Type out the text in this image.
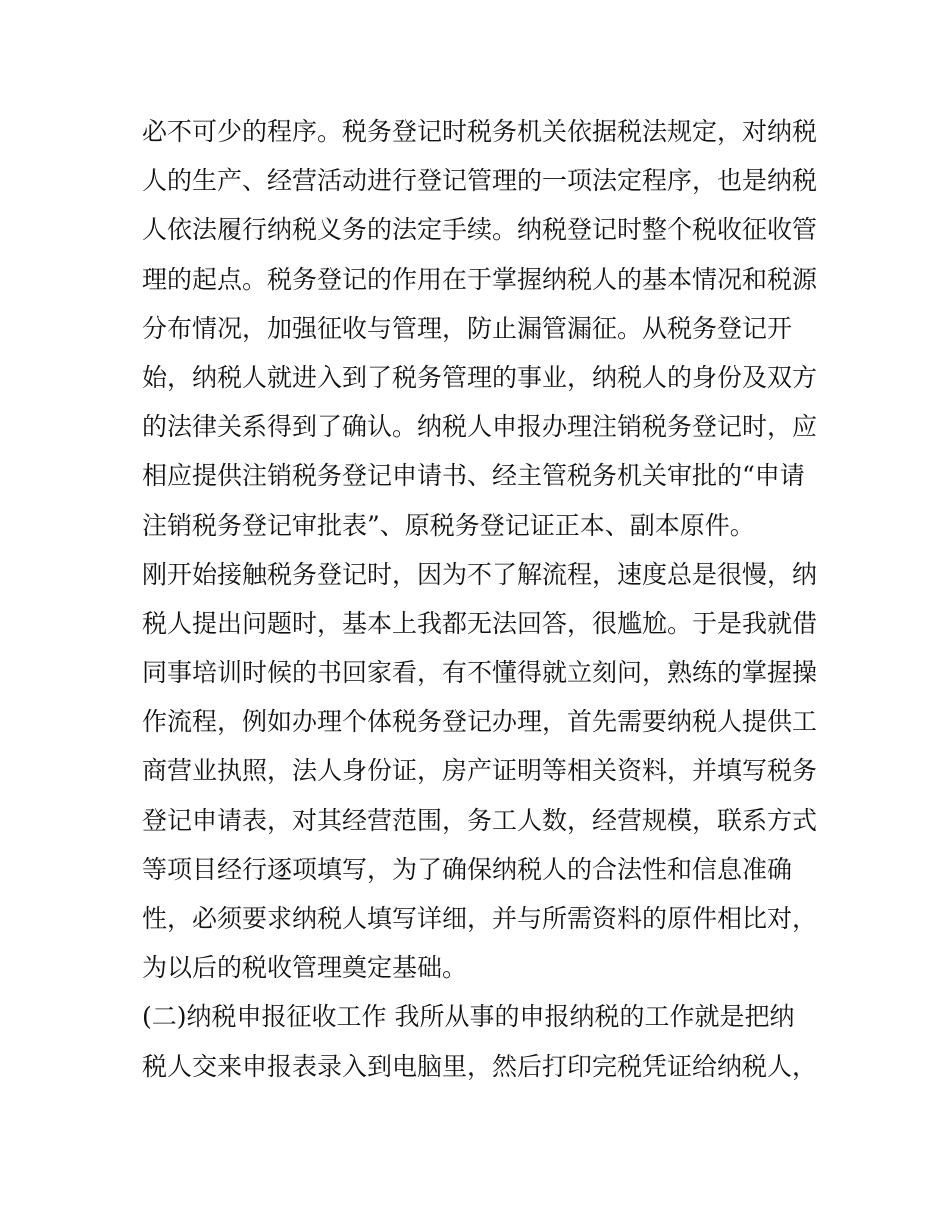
必不可少的程序。税务登记时税务机关依据税法规定，对纳税
人的生产、经营活动进行登记管理的一项法定程序，也是纳税
人依法履行纳税义务的法定手续。纳税登记时整个税收征收管
理的起点。税务登记的作用在于掌握纳税人的基本情况和税源
分布情况，加强征收与管理，防止漏管漏征。从税务登记开
始，纳税人就进入到了税务管理的事业，纳税人的身份及双方
的法律关系得到了确认。纳税人申报办理注销税务登记时，应
相应提供注销税务登记申请书、经主管税务机关审批的“申请
注销税务登记审批表”、原税务登记证正本、副本原件。
刚开始接触税务登记时，因为不了解流程，速度总是很慢，纳
税人提出问题时，基本上我都无法回答，很尴尬。于是我就借
同事培训时候的书回家看，有不懂得就立刻问，熟练的掌握操
作流程，例如办理个体税务登记办理，首先需要纳税人提供工
商营业执照，法人身份证，房产证明等相关资料，并填写税务
登记申请表，对其经营范围，务工人数，经营规模，联系方式
等项目经行逐项填写，为了确保纳税人的合法性和信息准确
性，必须要求纳税人填写详细，并与所需资料的原件相比对，
为以后的税收管理奠定基础。
(二)纳税申报征收工作 我所从事的申报纳税的工作就是把纳
税人交来申报表录入到电脑里，然后打印完税凭证给纳税人，
